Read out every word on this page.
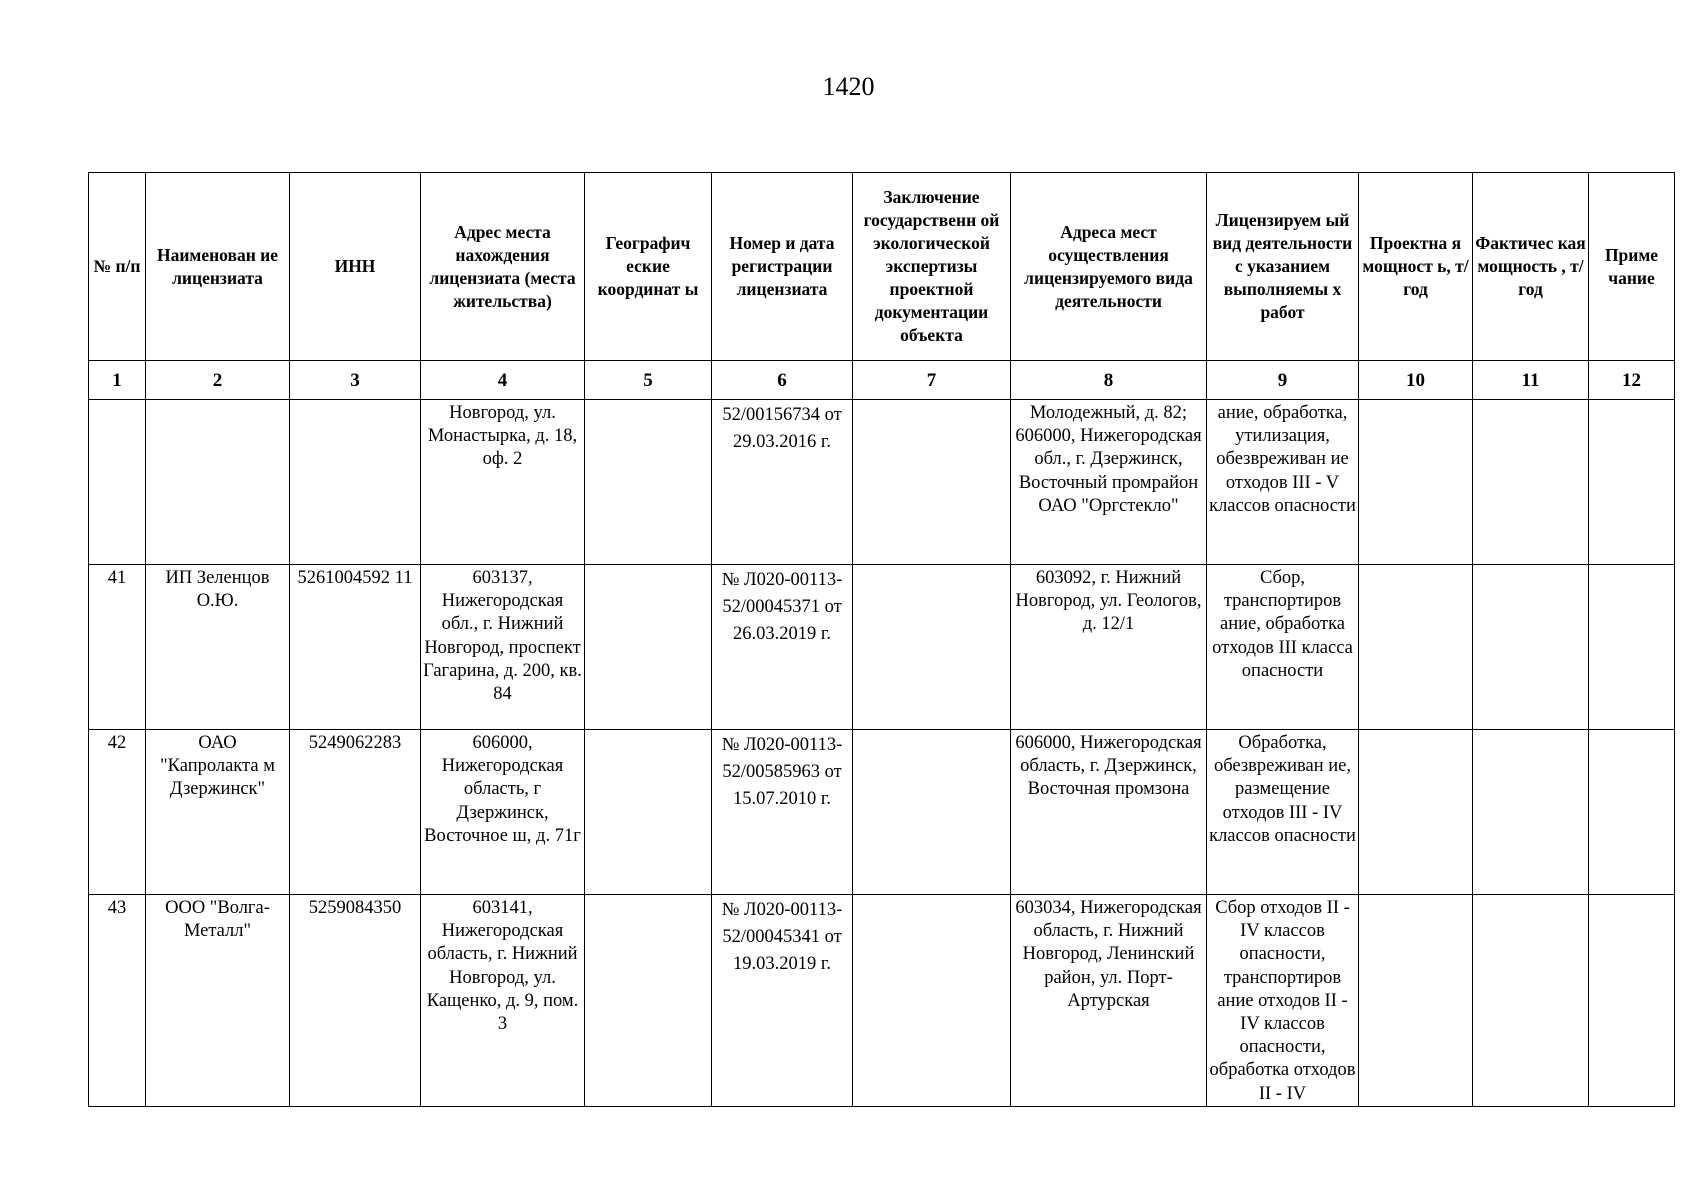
1420
№ п/п	Наименован ие лицензиата	ИНН	Адрес места нахождения лицензиата (места жительства)	Географич еские координат ы	Номер и дата регистрации лицензиата	Заключение государственн ой экологической экспертизы проектной документации объекта	Адреса мест осуществления лицензируемого вида деятельности	Лицензируем ый вид деятельности с указанием выполняемы х работ	Проектна я мощност ь, т/год	Фактичес кая мощность , т/год	Приме чание
1	2	3	4	5	6	7	8	9	10	11	12
			Новгород, ул. Монастырка, д. 18, оф. 2		52/00156734 от 29.03.2016 г.		Молодежный, д. 82; 606000, Нижегородская обл., г. Дзержинск, Восточный промрайон ОАО "Оргстекло"	ание, обработка, утилизация, обезвреживан ие отходов III - V классов опасности			
41	ИП Зеленцов О.Ю.	5261004592 11	603137, Нижегородская обл., г. Нижний Новгород, проспект Гагарина, д. 200, кв. 84		№ Л020-00113-52/00045371 от 26.03.2019 г.		603092, г. Нижний Новгород, ул. Геологов, д. 12/1	Сбор, транспортиров ание, обработка отходов III класса опасности			
42	ОАО "Капролакта м Дзержинск"	5249062283	606000, Нижегородская область, г Дзержинск, Восточное ш, д. 71г		№ Л020-00113-52/00585963 от 15.07.2010 г.		606000, Нижегородская область, г. Дзержинск, Восточная промзона	Обработка, обезвреживан ие, размещение отходов III - IV классов опасности			
43	ООО "Волга-Металл"	5259084350	603141, Нижегородская область, г. Нижний Новгород, ул. Кащенко, д. 9, пом. 3		№ Л020-00113-52/00045341 от 19.03.2019 г.		603034, Нижегородская область, г. Нижний Новгород, Ленинский район, ул. Порт-Артурская	Сбор отходов II - IV классов опасности, транспортиров ание отходов II - IV классов опасности, обработка отходов II - IV			
